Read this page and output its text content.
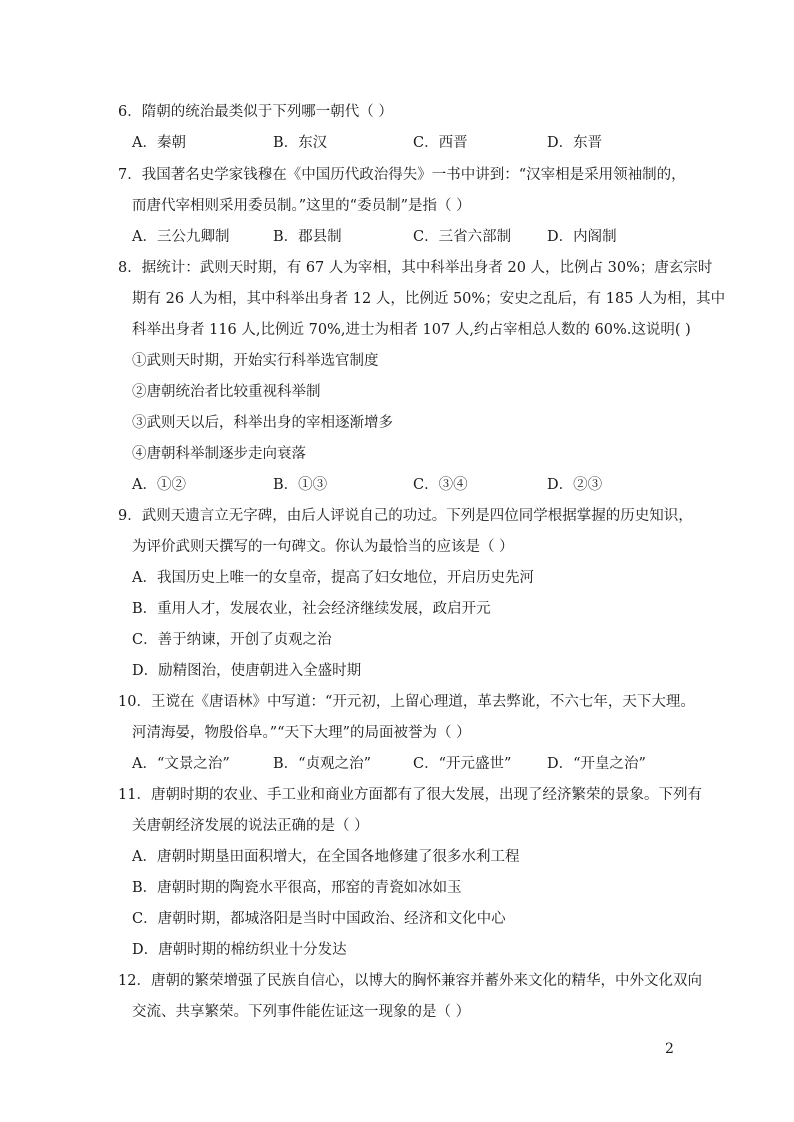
6．隋朝的统治最类似于下列哪一朝代（ ）
A．秦朝	B．东汉	C．西晋	D．东晋
7．我国著名史学家钱穆在《中国历代政治得失》一书中讲到：“汉宰相是采用领袖制的，
而唐代宰相则采用委员制。”这里的“委员制”是指（ ）
A．三公九卿制	B．郡县制	C．三省六部制 D．内阁制
8．据统计：武则天时期，有 67 人为宰相，其中科举出身者 20 人，比例占 30%；唐玄宗时
期有 26 人为相，其中科举出身者 12 人，比例近 50%；安史之乱后，有 185 人为相，其中
科举出身者 116 人,比例近 70%,进士为相者 107 人,约占宰相总人数的 60%.这说明( )
①武则天时期，开始实行科举选官制度
②唐朝统治者比较重视科举制
③武则天以后，科举出身的宰相逐渐增多
④唐朝科举制逐步走向衰落
A．①②	B．①③	C．③④	D．②③
9．武则天遗言立无字碑，由后人评说自己的功过。下列是四位同学根据掌握的历史知识，
为评价武则天撰写的一句碑文。你认为最恰当的应该是（ ）
A．我国历史上唯一的女皇帝，提高了妇女地位，开启历史先河
B．重用人才，发展农业，社会经济继续发展，政启开元
C．善于纳谏，开创了贞观之治
D．励精图治，使唐朝进入全盛时期
10．王谠在《唐语林》中写道：“开元初，上留心理道，革去弊讹，不六七年，天下大理。
河清海晏，物殷俗阜。”“天下大理”的局面被誉为（ ）
A．“文景之治”	B．“贞观之治”	C．“开元盛世” D．“开皇之治”
11．唐朝时期的农业、手工业和商业方面都有了很大发展，出现了经济繁荣的景象。下列有
关唐朝经济发展的说法正确的是（ ）
A．唐朝时期垦田面积增大，在全国各地修建了很多水利工程
B．唐朝时期的陶瓷水平很高，邢窑的青瓷如冰如玉
C．唐朝时期，都城洛阳是当时中国政治、经济和文化中心
D．唐朝时期的棉纺织业十分发达
12．唐朝的繁荣增强了民族自信心，以博大的胸怀兼容并蓄外来文化的精华，中外文化双向
交流、共享繁荣。下列事件能佐证这一现象的是（ ）
2
